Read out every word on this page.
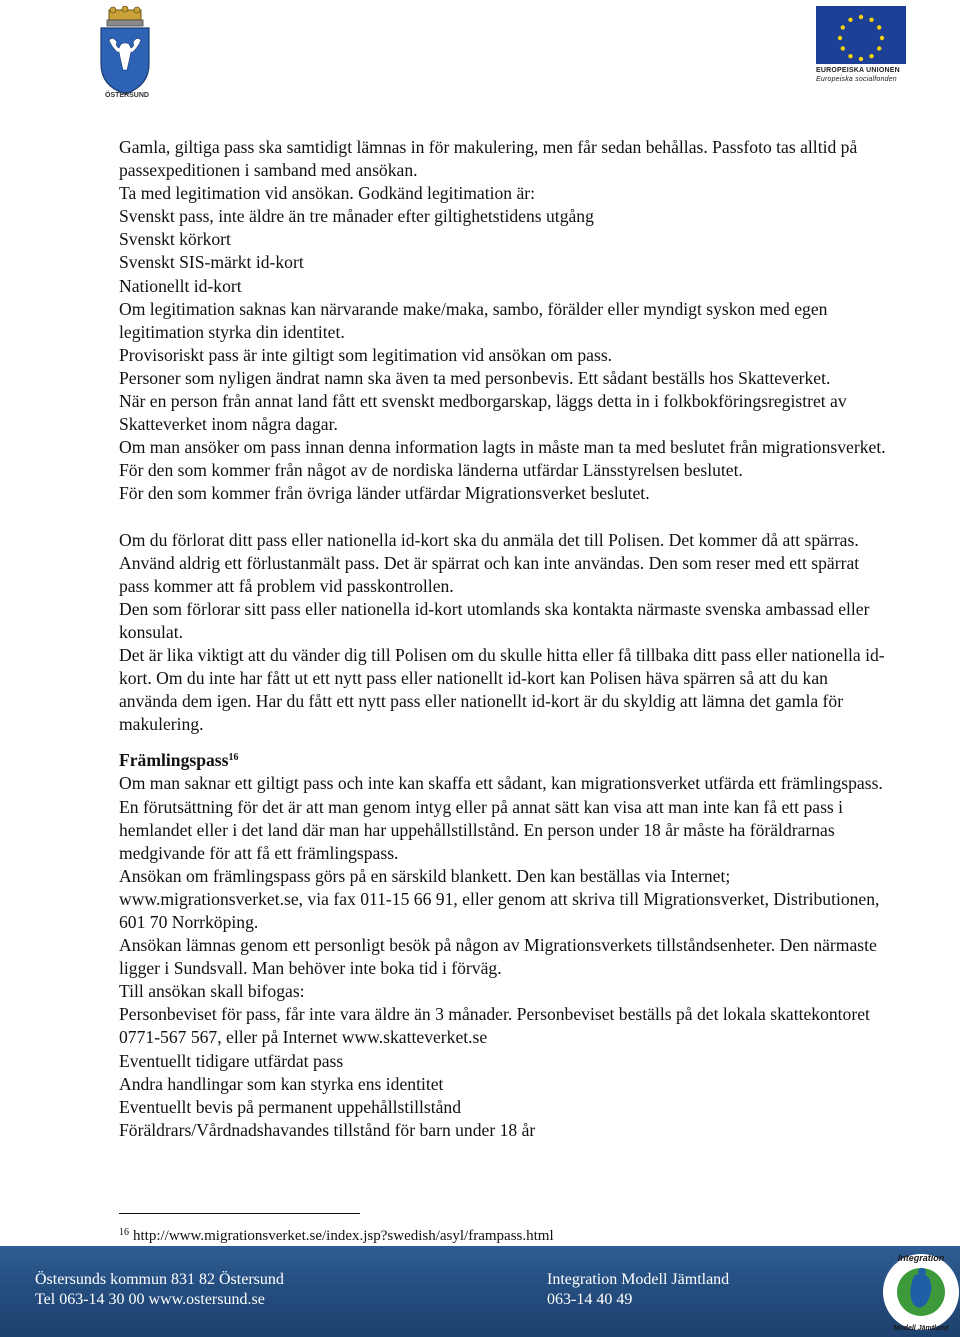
ÖSTERSUND
EUROPEISKA UNIONEN
Europeiska socialfonden

Gamla, giltiga pass ska samtidigt lämnas in för makulering, men får sedan behållas. Passfoto tas alltid på passexpeditionen i samband med ansökan.

Ta med legitimation vid ansökan. Godkänd legitimation är:

Svenskt pass, inte äldre än tre månader efter giltighetstidens utgång

Svenskt körkort

Svenskt SIS-märkt id-kort

Nationellt id-kort

Om legitimation saknas kan närvarande make/maka, sambo, förälder eller myndigt syskon med egen legitimation styrka din identitet.

Provisoriskt pass är inte giltigt som legitimation vid ansökan om pass.

Personer som nyligen ändrat namn ska även ta med personbevis. Ett sådant beställs hos Skatteverket.

När en person från annat land fått ett svenskt medborgarskap, läggs detta in i folkbokföringsregistret av Skatteverket inom några dagar.

Om man ansöker om pass innan denna information lagts in måste man ta med beslutet från migrationsverket.

För den som kommer från något av de nordiska länderna utfärdar Länsstyrelsen beslutet.

För den som kommer från övriga länder utfärdar Migrationsverket beslutet.

Om du förlorat ditt pass eller nationella id-kort ska du anmäla det till Polisen. Det kommer då att spärras. Använd aldrig ett förlustanmält pass. Det är spärrat och kan inte användas. Den som reser med ett spärrat pass kommer att få problem vid passkontrollen.

Den som förlorar sitt pass eller nationella id-kort utomlands ska kontakta närmaste svenska ambassad eller konsulat.

Det är lika viktigt att du vänder dig till Polisen om du skulle hitta eller få tillbaka ditt pass eller nationella id-kort. Om du inte har fått ut ett nytt pass eller nationellt id-kort kan Polisen häva spärren så att du kan använda dem igen. Har du fått ett nytt pass eller nationellt id-kort är du skyldig att lämna det gamla för makulering.

Främlingspass$^{16}$

Om man saknar ett giltigt pass och inte kan skaffa ett sådant, kan migrationsverket utfärda ett främlingspass. En förutsättning för det är att man genom intyg eller på annat sätt kan visa att man inte kan få ett pass i hemlandet eller i det land där man har uppehållstillstånd. En person under 18 år måste ha föräldrarnas medgivande för att få ett främlingspass.

Ansökan om främlingspass görs på en särskild blankett. Den kan beställas via Internet; www.migrationsverket.se, via fax 011-15 66 91, eller genom att skriva till Migrationsverket, Distributionen, 601 70 Norrköping.

Ansökan lämnas genom ett personligt besök på någon av Migrationsverkets tillståndsenheter. Den närmaste ligger i Sundsvall. Man behöver inte boka tid i förväg.

Till ansökan skall bifogas:

Personbeviset för pass, får inte vara äldre än 3 månader. Personbeviset beställs på det lokala skattekontoret 0771-567 567, eller på Internet www.skatteverket.se

Eventuellt tidigare utfärdat pass

Andra handlingar som kan styrka ens identitet

Eventuellt bevis på permanent uppehållstillstånd

Föräldrars/Vårdnadshavandes tillstånd för barn under 18 år

$^{16}$ http://www.migrationsverket.se/index.jsp?swedish/asyl/frampass.html
Östersunds kommun 831 82 Östersund
Tel 063-14 30 00 www.ostersund.se
Integration Modell Jämtland
063-14 40 49
Integration
Modell Jämtland
